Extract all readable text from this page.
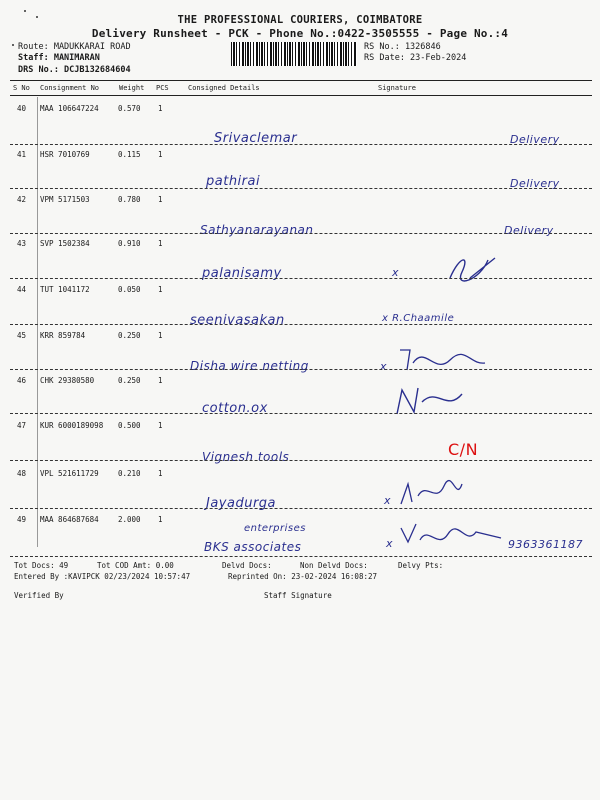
THE PROFESSIONAL COURIERS, COIMBATORE
Delivery Runsheet - PCK - Phone No.:0422-3505555 - Page No.:4
Route: MADUKKARAI ROAD
Staff: MANIMARAN
DRS No.: DCJB132684604
RS No.: 1326846
RS Date: 23-Feb-2024
S No Consignment No	Weight PCS	Consigned Details	Signature
40 MAA 106647224	0.570 1
Srivaclemar	Delivery
41 HSR 7010769	0.115 1
pathirai	Delivery
42 VPM 5171503	0.780 1
Sathyanarayanan	Delivery
43 SVP 1502384	0.910 1
palanisamy	x
44 TUT 1041172	0.050 1
seenivasakan	x R.Chaamile
45 KRR 859784	0.250 1
Disha wire netting	x
46 CHK 29380580	0.250 1
cotton.ox
47 KUR 6000189098 0.500 1
Vignesh tools	C/N
48 VPL 521611729	0.210 1
Jayadurga	x
49 MAA 864687684	2.000 1
enterprises
BKS associates	x	9363361187
Tot Docs: 49	Tot COD Amt: 0.00	Delvd Docs:	Non Delvd Docs:	Delvy Pts:
Entered By :KAVIPCK 02/23/2024 10:57:47	Reprinted On: 23-02-2024 16:08:27
Verified By	Staff Signature
